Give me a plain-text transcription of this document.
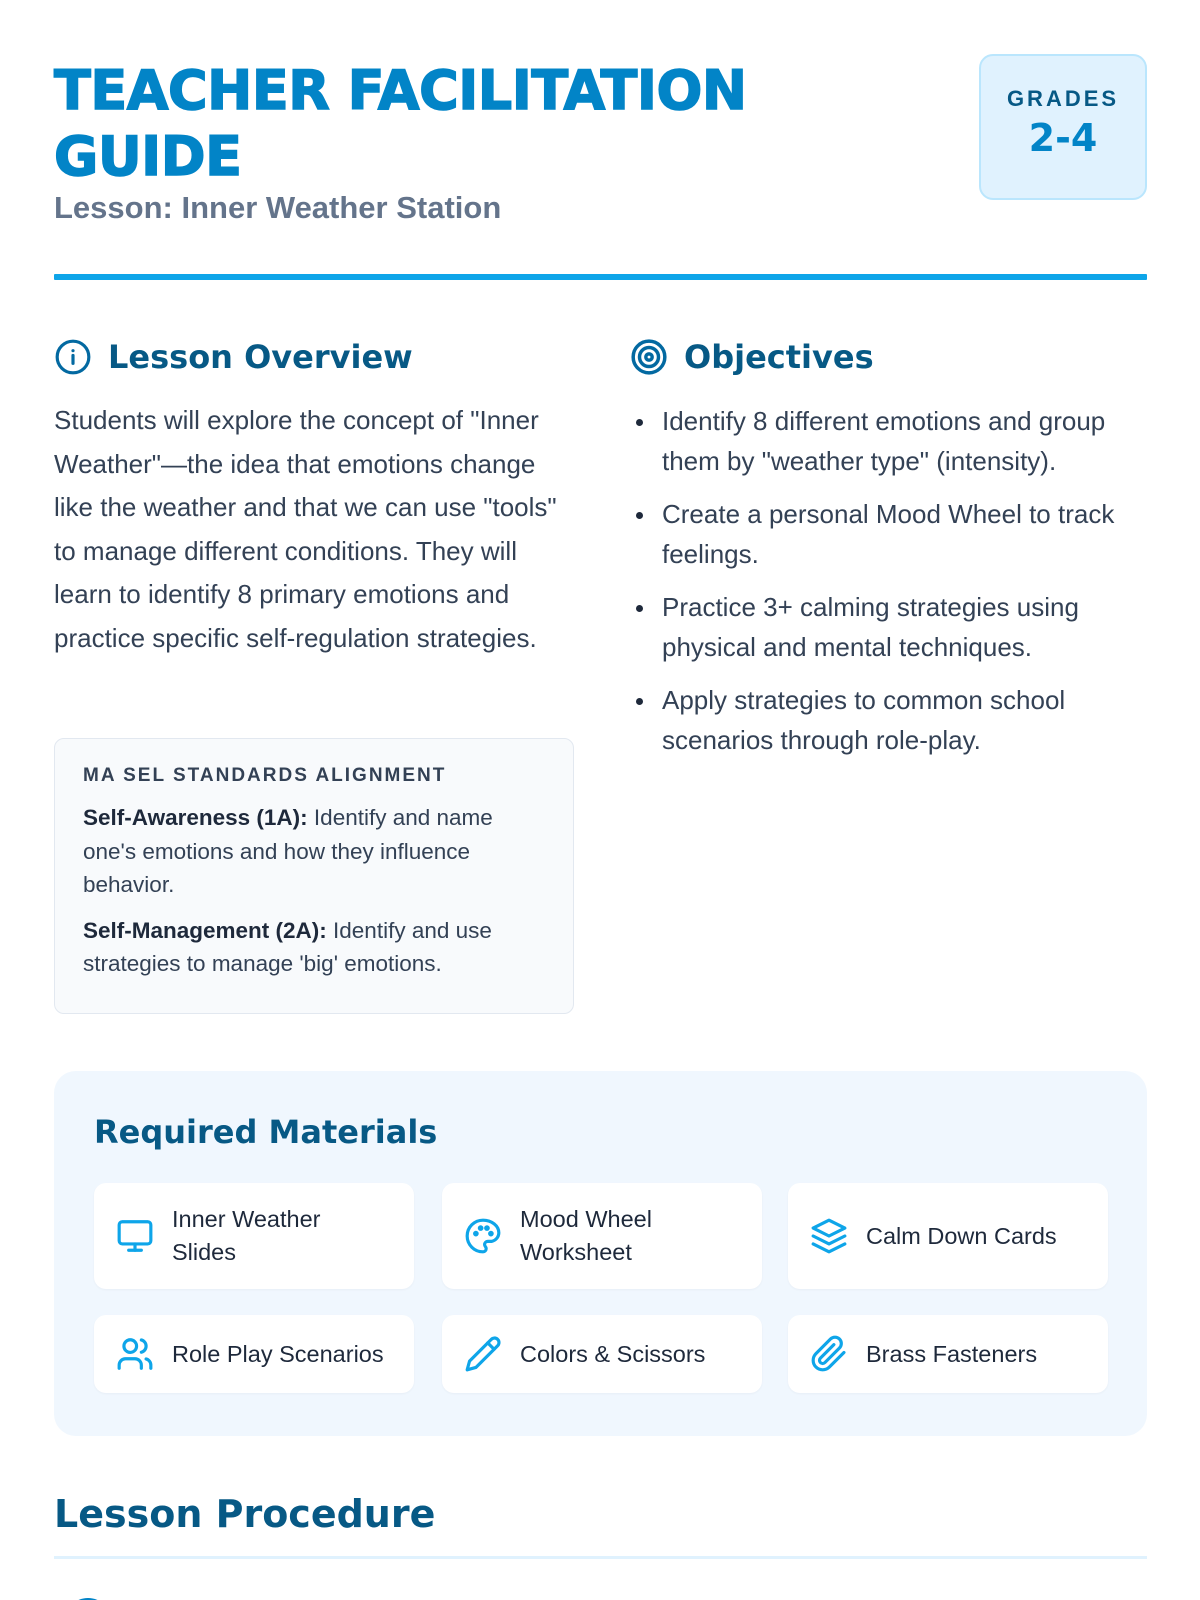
TEACHER FACILITATION GUIDE
Lesson: Inner Weather Station
GRADES
2-4
Lesson Overview

Students will explore the concept of "Inner Weather"—the idea that emotions change like the weather and that we can use "tools" to manage different conditions. They will learn to identify 8 primary emotions and practice specific self-regulation strategies.

MA SEL STANDARDS ALIGNMENT

Self-Awareness (1A): Identify and name one's emotions and how they influence behavior.

Self-Management (2A): Identify and use strategies to manage 'big' emotions.

Objectives
Identify 8 different emotions and group them by "weather type" (intensity).
Create a personal Mood Wheel to track feelings.
Practice 3+ calming strategies using physical and mental techniques.
Apply strategies to common school scenarios through role-play.
Required Materials
Inner Weather Slides
Mood Wheel Worksheet
Calm Down Cards
Role Play Scenarios	Colors & Scissors	Brass Fasteners
Lesson Procedure
